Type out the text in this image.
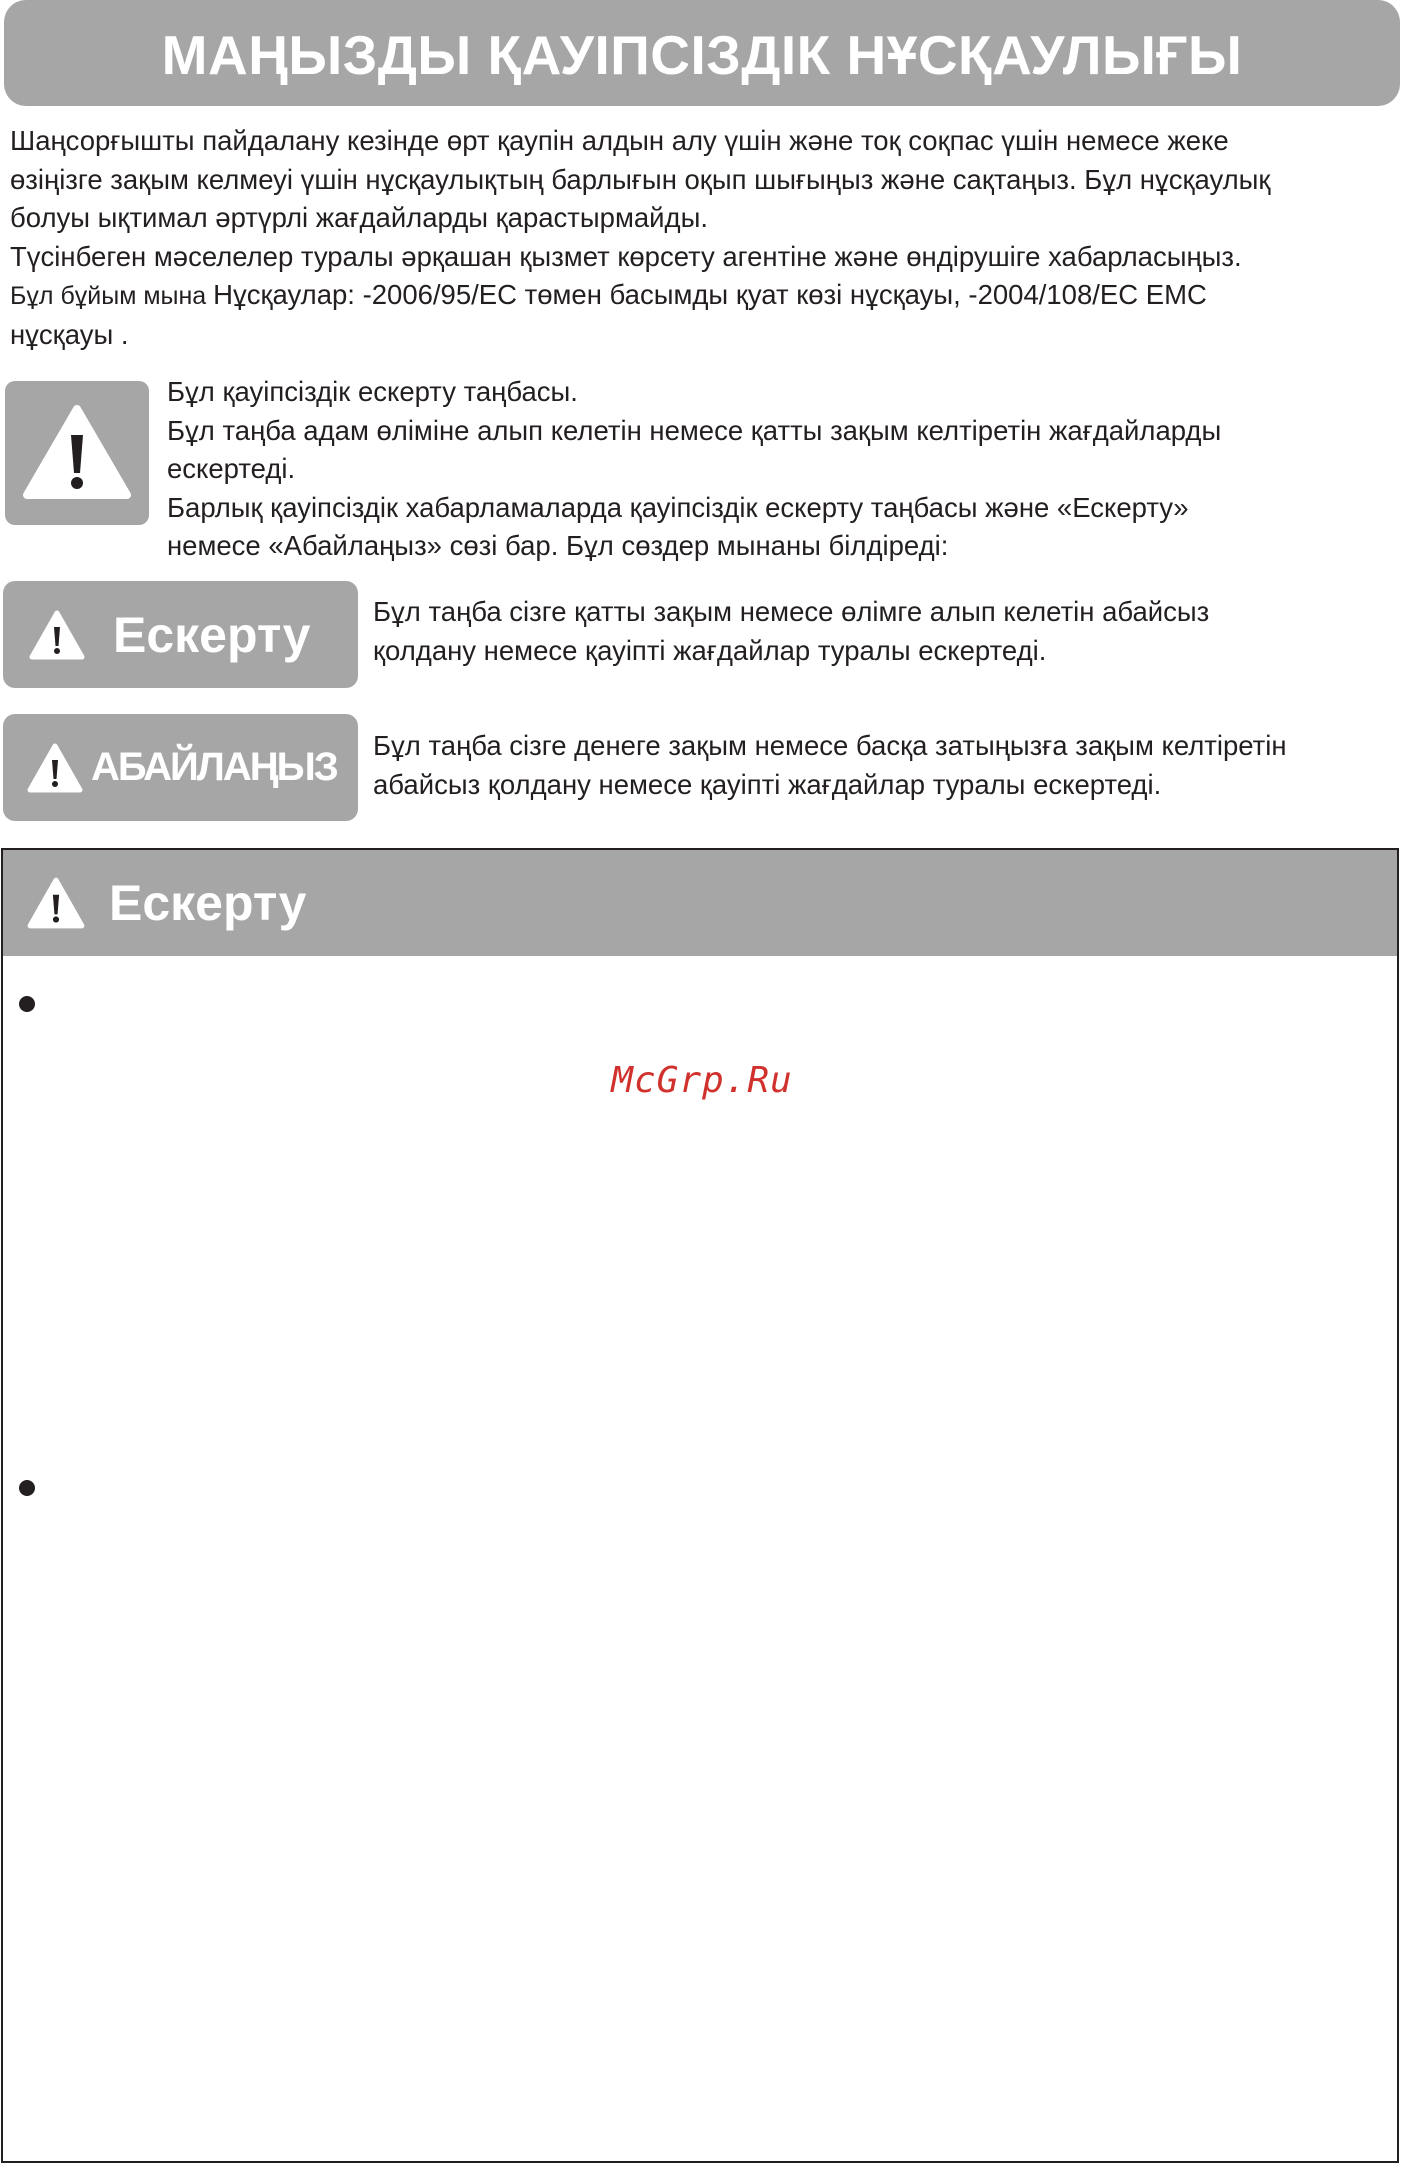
МАҢЫЗДЫ ҚАУІПСІЗДІК НҰСҚАУЛЫҒЫ

Шаңсорғышты пайдалану кезінде өрт қаупін алдын алу үшін және тоқ соқпас үшін немесе жеке

өзіңізге зақым келмеуі үшін нұсқаулықтың барлығын оқып шығыңыз және сақтаңыз. Бұл нұсқаулық

болуы ықтимал әртүрлі жағдайларды қарастырмайды.

Түсінбеген мәселелер туралы әрқашан қызмет көрсету агентіне және өндірушіге хабарласыңыз.

Бұл бұйым мына Нұсқаулар: -2006/95/EC төмен басымды қуат көзі нұсқауы, -2004/108/EC EMC

нұсқауы .

Бұл қауіпсіздік ескерту таңбасы.

Бұл таңба адам өліміне алып келетін немесе қатты зақым келтіретін жағдайларды

ескертеді.

Барлық қауіпсіздік хабарламаларда қауіпсіздік ескерту таңбасы және «Ескерту»

немесе «Абайлаңыз» сөзі бар. Бұл сөздер мынаны білдіреді:

Ескерту Бұл таңба сізге қатты зақым немесе өлімге алып келетін абайсыз

қолдану немесе қауіпті жағдайлар туралы ескертеді.

АБАЙЛАҢЫЗ Бұл таңба сізге денеге зақым немесе басқа затыңызға зақым келтіретін

абайсыз қолдану немесе қауіпті жағдайлар туралы ескертеді.

Ескерту
McGrp.Ru
